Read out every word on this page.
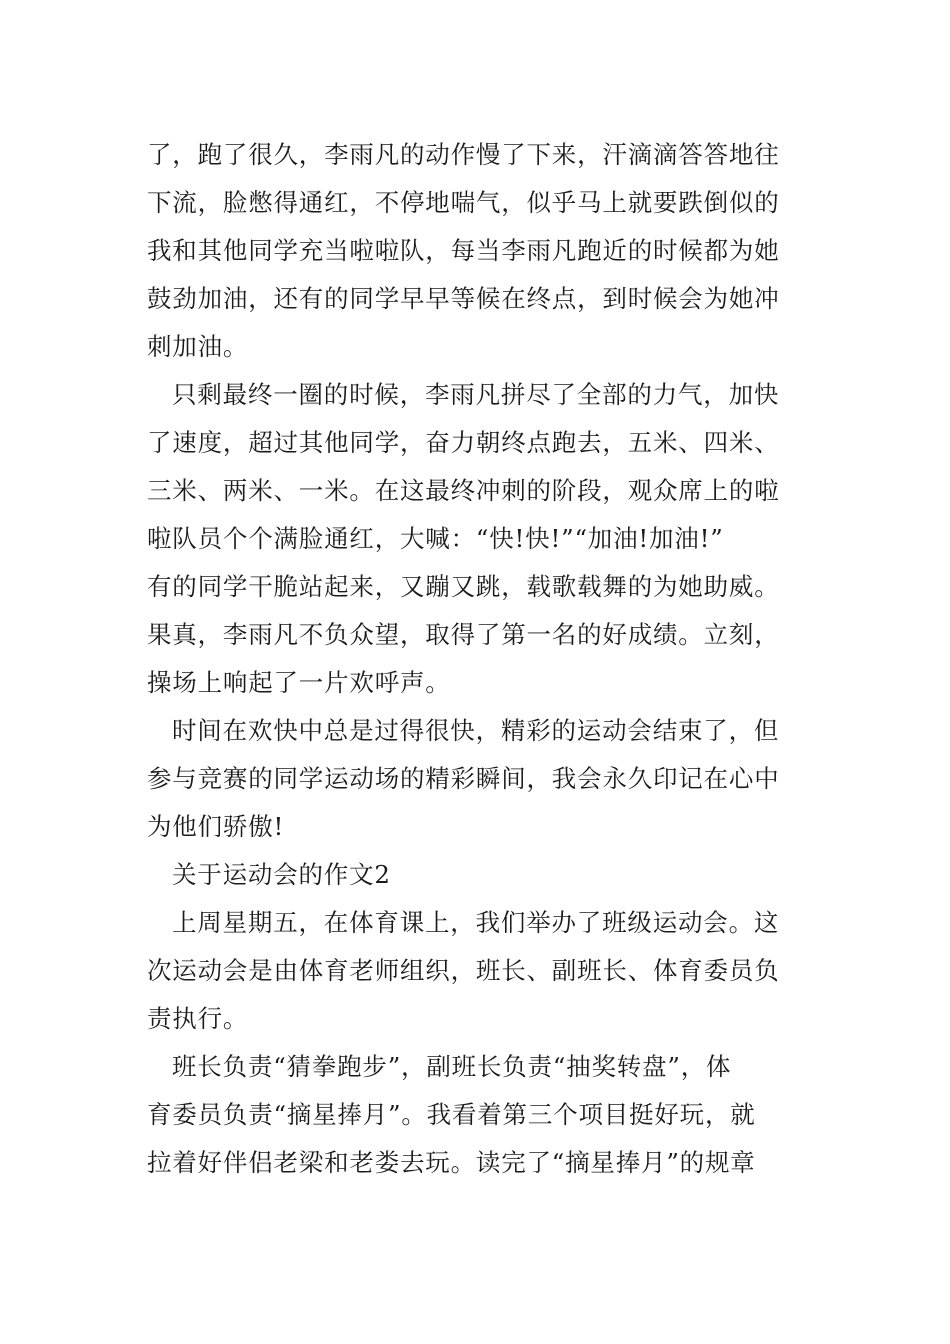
了，跑了很久，李雨凡的动作慢了下来，汗滴滴答答地往
下流，脸憋得通红，不停地喘气，似乎马上就要跌倒似的
我和其他同学充当啦啦队，每当李雨凡跑近的时候都为她
鼓劲加油，还有的同学早早等候在终点，到时候会为她冲
刺加油。
只剩最终一圈的时候，李雨凡拼尽了全部的力气，加快
了速度，超过其他同学，奋力朝终点跑去，五米、四米、
三米、两米、一米。在这最终冲刺的阶段，观众席上的啦
啦队员个个满脸通红，大喊：“快!快!”“加油!加油!”
有的同学干脆站起来，又蹦又跳，载歌载舞的为她助威。
果真，李雨凡不负众望，取得了第一名的好成绩。立刻，
操场上响起了一片欢呼声。
时间在欢快中总是过得很快，精彩的运动会结束了，但
参与竞赛的同学运动场的精彩瞬间，我会永久印记在心中
为他们骄傲!
关于运动会的作文2
上周星期五，在体育课上，我们举办了班级运动会。这
次运动会是由体育老师组织，班长、副班长、体育委员负
责执行。
班长负责“猜拳跑步”，副班长负责“抽奖转盘”，体
育委员负责“摘星捧月”。我看着第三个项目挺好玩，就
拉着好伴侣老梁和老娄去玩。读完了“摘星捧月”的规章
